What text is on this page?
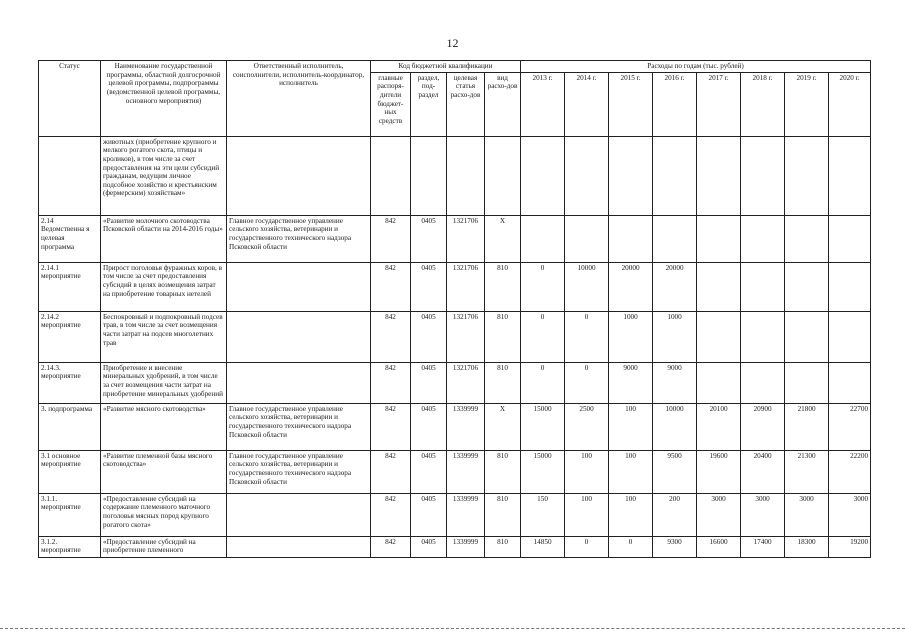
12
Статус	Наименование государственной программы, областной долгосрочной целевой программы, подпрограммы (ведомственной целевой программы, основного мероприятия)	Ответственный исполнитель, соисполнители, исполнитель-координатор, исполнитель	Код бюджетной квалификации				Расходы по годам (тыс. рублей)							
			главные распоря-дители бюджет-ных средств	раздел, под-раздел	целевая статья расхо-дов	вид расхо-дов	2013 г.	2014 г.	2015 г.	2016 г.	2017 г.	2018 г.	2019 г.	2020 г.
	животных (приобретение крупного и мелкого рогатого скота, птицы и кроликов), в том числе за счет предоставления на эти цели субсидий гражданам, ведущим личное подсобное хозяйство и крестьянским (фермерским) хозяйствам»													
2.14 Ведомственна я целевая программа	«Развитие молочного скотоводства Псковской области на 2014-2016 годы»	Главное государственное управление сельского хозяйства, ветеринарии и государственного технического надзора Псковской области	842	0405	1321706	Х								
2.14.1 мероприятие	Прирост поголовья фуражных коров, в том числе за счет предоставления субсидий в целях возмещения затрат на приобретение товарных нетелей		842	0405	1321706	810	0	10000	20000	20000				
2.14.2 мероприятие	Беспокровный и подпокровный подсев трав, в том числе за счет возмещения части затрат на подсев многолетних трав		842	0405	1321706	810	0	0	1000	1000				
2.14.3. мероприятие	Приобретение и внесение минеральных удобрений, в том числе за счет возмещения части затрат на приобретение минеральных удобрений		842	0405	1321706	810	0	0	9000	9000				
3. подпрограмма	«Развитие мясного скотоводства»	Главное государственное управление сельского хозяйства, ветеринарии и государственного технического надзора Псковской области	842	0405	1339999	Х	15000	2500	100	10000	20100	20900	21800	22700
3.1 основное мероприятие	«Развитие племенной базы мясного скотоводства»	Главное государственное управление сельского хозяйства, ветеринарии и государственного технического надзора Псковской области	842	0405	1339999	810	15000	100	100	9500	19600	20400	21300	22200
3.1.1. мероприятие	«Предоставление субсидий на содержание племенного маточного поголовья мясных пород крупного рогатого скота»		842	0405	1339999	810	150	100	100	200	3000	3000	3000	3000
3.1.2. мероприятие	«Предоставление субсидий на приобретение племенного		842	0405	1339999	810	14850	0	0	9300	16600	17400	18300	19200
